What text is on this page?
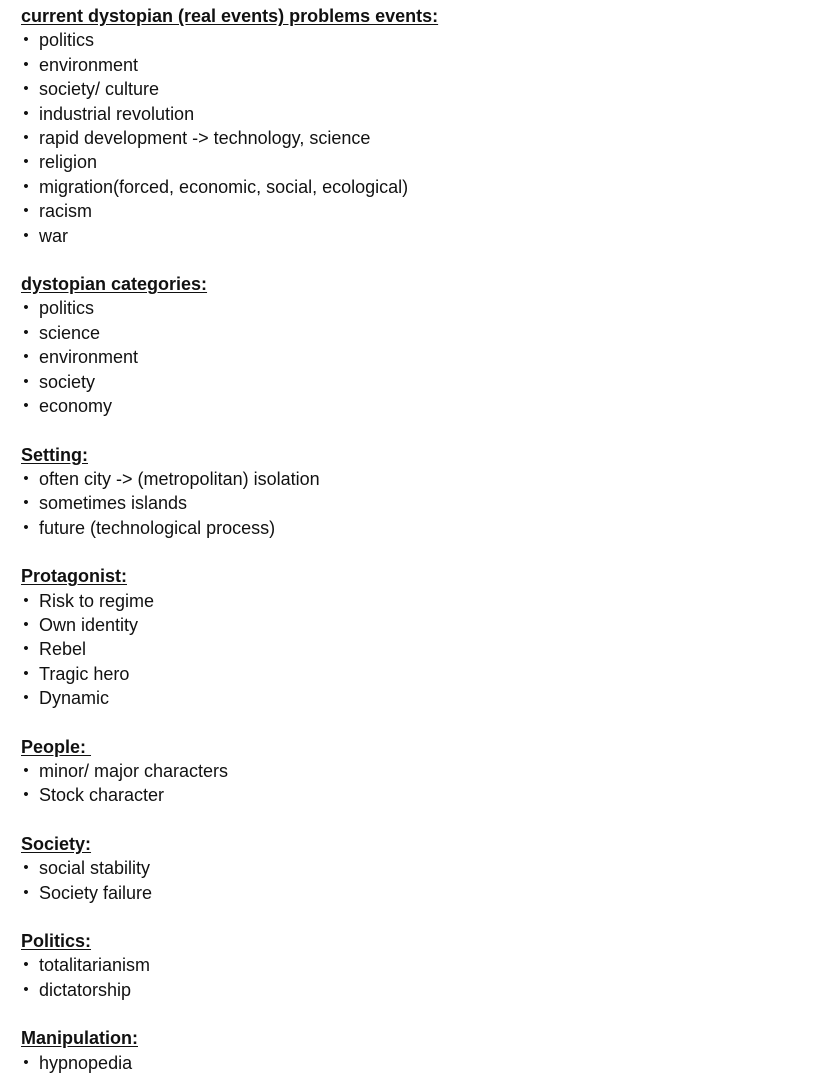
current dystopian (real events) problems events:
• politics
• environment
• society/ culture
• industrial revolution
• rapid development -> technology, science
• religion
• migration(forced, economic, social, ecological)
• racism
• war
dystopian categories:
• politics
• science
• environment
• society
• economy
Setting:
• often city -> (metropolitan) isolation
• sometimes islands
• future (technological process)
Protagonist:
• Risk to regime
• Own identity
• Rebel
• Tragic hero
• Dynamic
People:
• minor/ major characters
• Stock character
Society:
• social stability
• Society failure
Politics:
• totalitarianism
• dictatorship
Manipulation:
• hypnopedia
